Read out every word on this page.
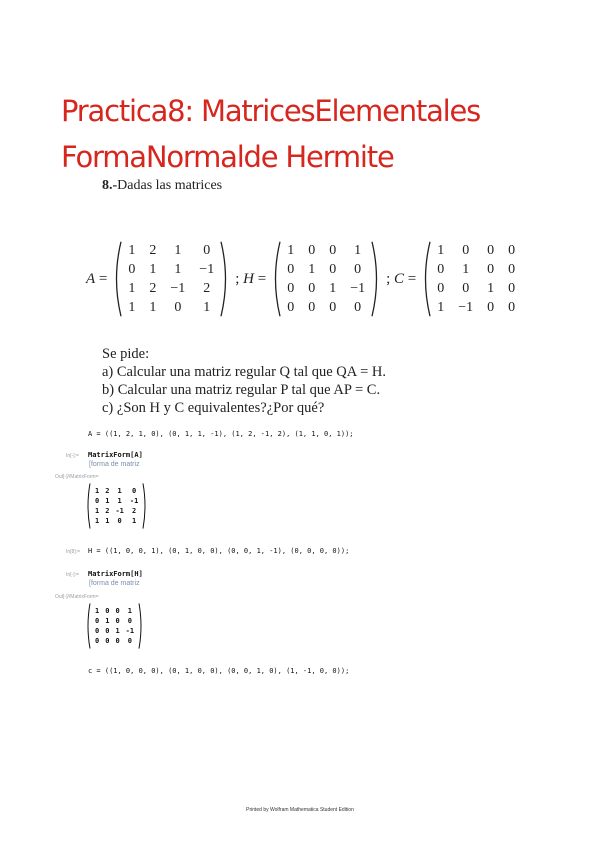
Practica8: MatricesElementales
FormaNormalde Hermite
8.-Dadas las matrices
A =
1	2	1	0
0	1	1	−1
1	2	−1	2
1	1	0	1
; H =
1	0	0	1
0	1	0	0
0	0	1	−1
0	0	0	0
; C =
1	0	0	0
0	1	0	0
0	0	1	0
1	−1	0	0
Se pide:
a) Calcular una matriz regular Q tal que QA = H.
b) Calcular una matriz regular P tal que AP = C.
c) ¿Son H y C equivalentes?¿Por qué?
A = ((1, 2, 1, 0), (0, 1, 1, -1), (1, 2, -1, 2), (1, 1, 0, 1));
In[-]:= MatrixForm[A]
[forma de matriz
Out[-]//MatrixForm=
1	2	1	0
0	1	1	-1
1	2	-1	2
1	1	0	1
In[8]:= H = ((1, 0, 0, 1), (0, 1, 0, 0), (0, 0, 1, -1), (0, 0, 0, 0));
In[-]:= MatrixForm[H]
[forma de matriz
Out[-]//MatrixForm=
1	0	0	1
0	1	0	0
0	0	1	-1
0	0	0	0
c = ((1, 0, 0, 0), (0, 1, 0, 0), (0, 0, 1, 0), (1, -1, 0, 0));
Printed by Wolfram Mathematica Student Edition
